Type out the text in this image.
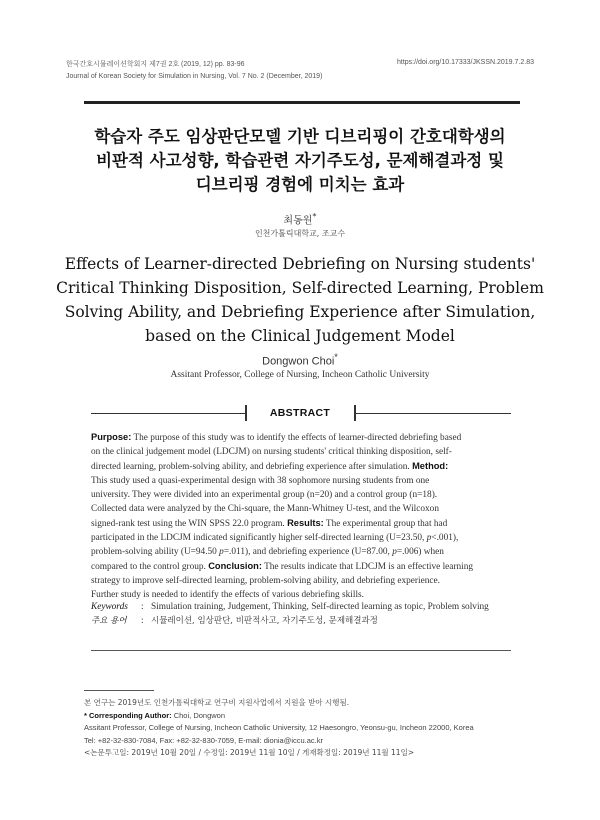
한국간호시뮬레이션학회지 제7권 2호 (2019, 12) pp. 83-96
Journal of Korean Society for Simulation in Nursing, Vol. 7 No. 2 (December, 2019)
https://doi.org/10.17333/JKSSN.2019.7.2.83
학습자 주도 임상판단모델 기반 디브리핑이 간호대학생의
비판적 사고성향, 학습관련 자기주도성, 문제해결과정 및
디브리핑 경험에 미치는 효과
최동원*
인천가톨릭대학교, 조교수
Effects of Learner-directed Debriefing on Nursing students'
Critical Thinking Disposition, Self-directed Learning, Problem
Solving Ability, and Debriefing Experience after Simulation,
based on the Clinical Judgement Model
Dongwon Choi*
Assitant Professor, College of Nursing, Incheon Catholic University
ABSTRACT
Purpose: The purpose of this study was to identify the effects of learner-directed debriefing based
on the clinical judgement model (LDCJM) on nursing students' critical thinking disposition, self-
directed learning, problem-solving ability, and debriefing experience after simulation. Method:
This study used a quasi-experimental design with 38 sophomore nursing students from one
university. They were divided into an experimental group (n=20) and a control group (n=18).
Collected data were analyzed by the Chi-square, the Mann-Whitney U-test, and the Wilcoxon
signed-rank test using the WIN SPSS 22.0 program. Results: The experimental group that had
participated in the LDCJM indicated significantly higher self-directed learning (U=23.50, p<.001),
problem-solving ability (U=94.50 p=.011), and debriefing experience (U=87.00, p=.006) when
compared to the control group. Conclusion: The results indicate that LDCJM is an effective learning
strategy to improve self-directed learning, problem-solving ability, and debriefing experience.
Further study is needed to identify the effects of various debriefing skills.
Keywords	: Simulation training, Judgement, Thinking, Self-directed learning as topic, Problem solving
주요 용어	: 시뮬레이션, 임상판단, 비판적사고, 자기주도성, 문제해결과정
본 연구는 2019년도 인천가톨릭대학교 연구비 지원사업에서 지원을 받아 시행됨.
* Corresponding Author: Choi, Dongwon
Assitant Professor, College of Nursing, Incheon Catholic University, 12 Haesongro, Yeonsu-gu, Incheon 22000, Korea
Tel: +82-32-830-7084, Fax: +82-32-830-7059, E-mail: dionia@iccu.ac.kr
<논문투고일: 2019년 10월 20일 / 수정일: 2019년 11월 10일 / 게재확정일: 2019년 11월 11일>
